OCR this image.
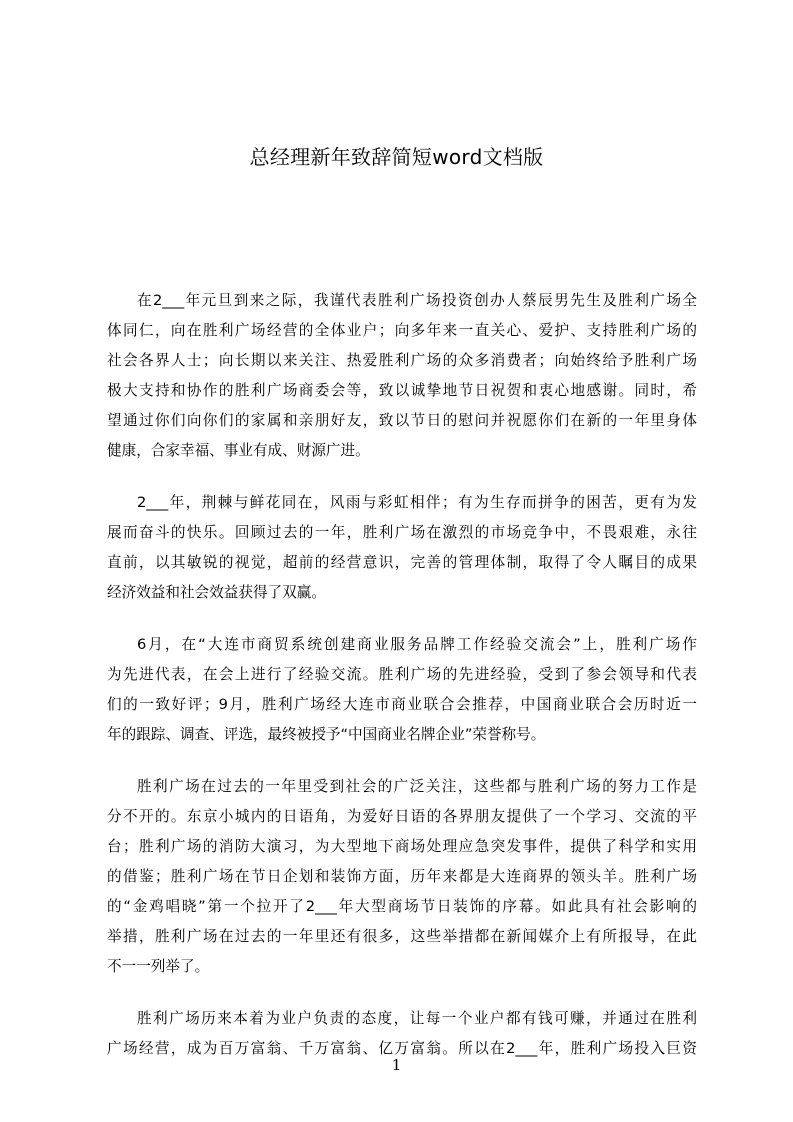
总经理新年致辞简短word文档版
在2___年元旦到来之际，我谨代表胜利广场投资创办人蔡辰男先生及胜利广场全
体同仁，向在胜利广场经营的全体业户；向多年来一直关心、爱护、支持胜利广场的
社会各界人士；向长期以来关注、热爱胜利广场的众多消费者；向始终给予胜利广场
极大支持和协作的胜利广场商委会等，致以诚挚地节日祝贺和衷心地感谢。同时，希
望通过你们向你们的家属和亲朋好友，致以节日的慰问并祝愿你们在新的一年里身体
健康，合家幸福、事业有成、财源广进。
2___年，荆棘与鲜花同在，风雨与彩虹相伴；有为生存而拼争的困苦，更有为发
展而奋斗的快乐。回顾过去的一年，胜利广场在激烈的市场竞争中，不畏艰难，永往
直前，以其敏锐的视觉，超前的经营意识，完善的管理体制，取得了令人瞩目的成果
经济效益和社会效益获得了双赢。
6月，在“大连市商贸系统创建商业服务品牌工作经验交流会”上，胜利广场作
为先进代表，在会上进行了经验交流。胜利广场的先进经验，受到了参会领导和代表
们的一致好评；9月，胜利广场经大连市商业联合会推荐，中国商业联合会历时近一
年的跟踪、调查、评选，最终被授予“中国商业名牌企业”荣誉称号。
胜利广场在过去的一年里受到社会的广泛关注，这些都与胜利广场的努力工作是
分不开的。东京小城内的日语角，为爱好日语的各界朋友提供了一个学习、交流的平
台；胜利广场的消防大演习，为大型地下商场处理应急突发事件，提供了科学和实用
的借鉴；胜利广场在节日企划和装饰方面，历年来都是大连商界的领头羊。胜利广场
的“金鸡唱晓”第一个拉开了2___年大型商场节日装饰的序幕。如此具有社会影响的
举措，胜利广场在过去的一年里还有很多，这些举措都在新闻媒介上有所报导，在此
不一一列举了。
胜利广场历来本着为业户负责的态度，让每一个业户都有钱可赚，并通过在胜利
广场经营，成为百万富翁、千万富翁、亿万富翁。所以在2___年，胜利广场投入巨资
1
